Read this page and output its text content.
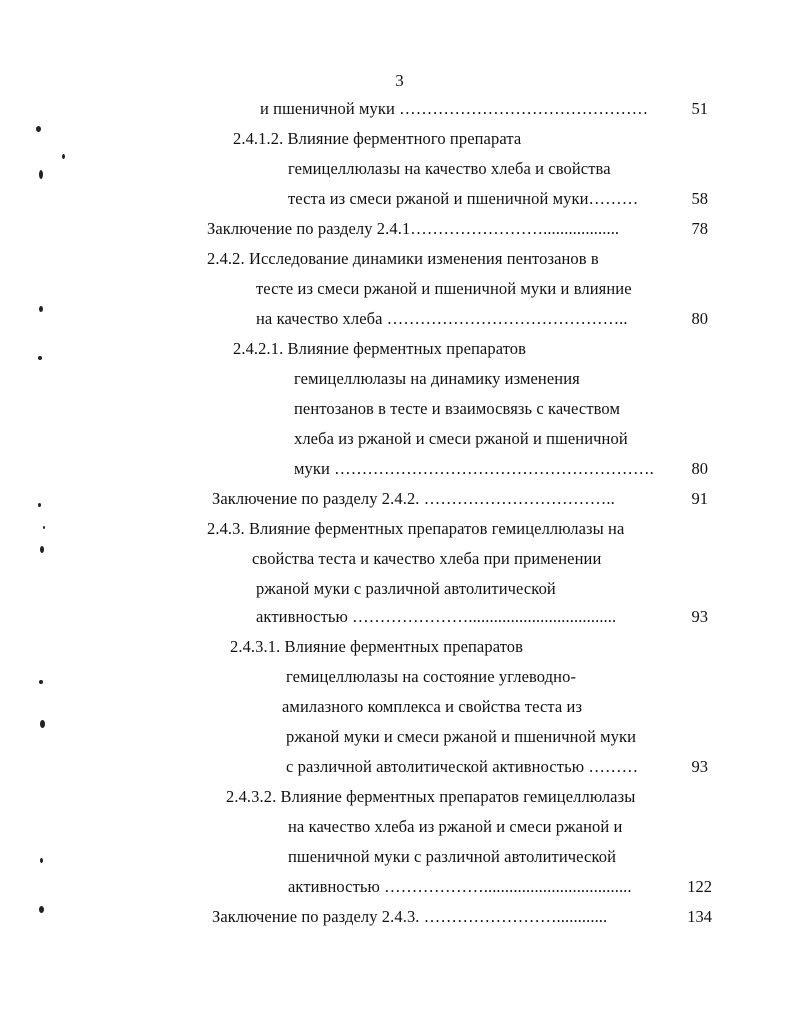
3
и пшеничной муки ………………………………………
2.4.1.2. Влияние ферментного препарата
гемицеллюлазы на качество хлеба и свойства
теста из смеси ржаной и пшеничной муки………
Заключение по разделу 2.4.1……………………..................
2.4.2. Исследование динамики изменения пентозанов в
тесте из смеси ржаной и пшеничной муки и влияние
на качество хлеба ……………………………………..
2.4.2.1. Влияние ферментных препаратов
гемицеллюлазы на динамику изменения
пентозанов в тесте и взаимосвязь с качеством
хлеба из ржаной и смеси ржаной и пшеничной
муки ………………………………………………….
Заключение по разделу 2.4.2. ……………………………..
2.4.3. Влияние ферментных препаратов гемицеллюлазы на
свойства теста и качество хлеба при применении
ржаной муки с различной автолитической
активностью …………………...................................
2.4.3.1. Влияние ферментных препаратов
гемицеллюлазы на состояние углеводно-
амилазного комплекса и свойства теста из
ржаной муки и смеси ржаной и пшеничной муки
с различной автолитической активностью ………
2.4.3.2. Влияние ферментных препаратов гемицеллюлазы
на качество хлеба из ржаной и смеси ржаной и
пшеничной муки с различной автолитической
активностью ………………...................................
Заключение по разделу 2.4.3. ……………………............
51
58
78
80
80
91
93
93
122
134
